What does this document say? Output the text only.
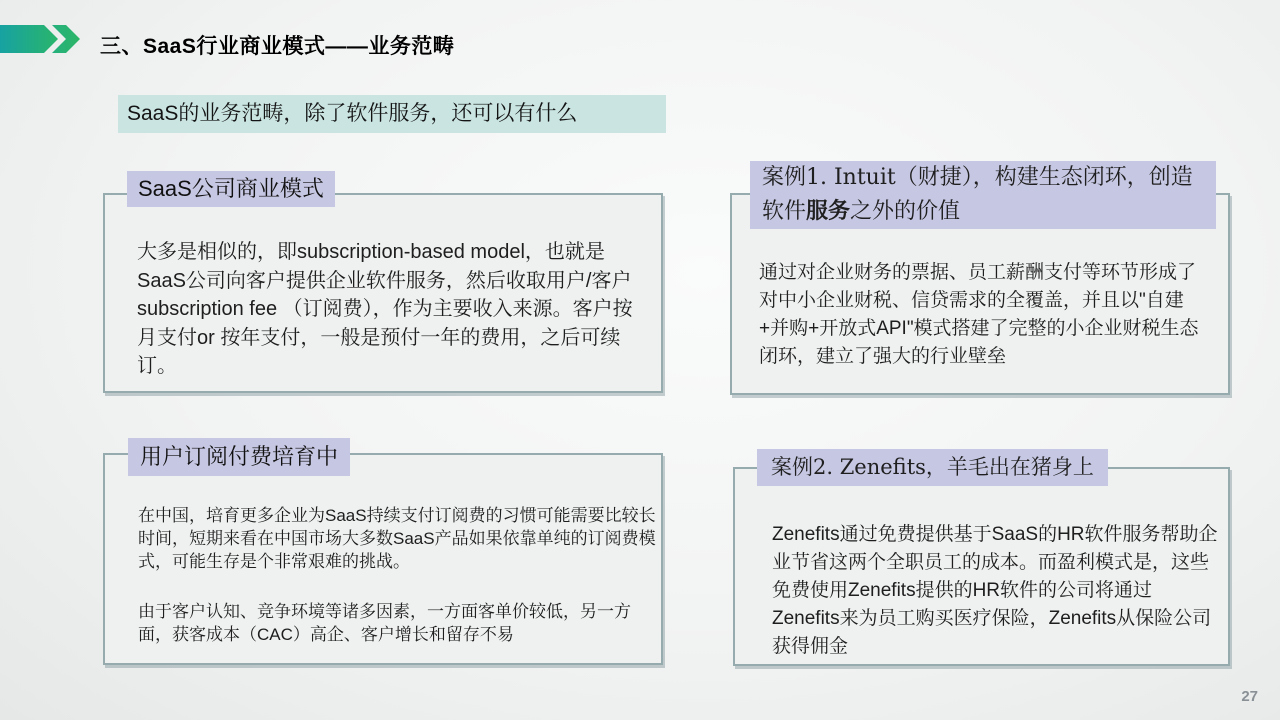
三、SaaS行业商业模式——业务范畴
SaaS的业务范畴，除了软件服务，还可以有什么
SaaS公司商业模式
大多是相似的，即subscription-based model，也就是SaaS公司向客户提供企业软件服务，然后收取用户/客户subscription fee （订阅费），作为主要收入来源。客户按月支付or 按年支付，一般是预付一年的费用，之后可续订。
通过对企业财务的票据、员工薪酬支付等环节形成了对中小企业财税、信贷需求的全覆盖，并且以"自建+并购+开放式API"模式搭建了完整的小企业财税生态闭环，建立了强大的行业壁垒
案例1. Intuit（财捷），构建生态闭环，创造软件服务之外的价值
用户订阅付费培育中

在中国，培育更多企业为SaaS持续支付订阅费的习惯可能需要比较长时间，短期来看在中国市场大多数SaaS产品如果依靠单纯的订阅费模式，可能生存是个非常艰难的挑战。

由于客户认知、竞争环境等诸多因素，一方面客单价较低，另一方面，获客成本（CAC）高企、客户增长和留存不易

Zenefits通过免费提供基于SaaS的HR软件服务帮助企业节省这两个全职员工的成本。而盈利模式是，这些免费使用Zenefits提供的HR软件的公司将通过Zenefits来为员工购买医疗保险，Zenefits从保险公司获得佣金
案例2. Zenefits，羊毛出在猪身上
27
